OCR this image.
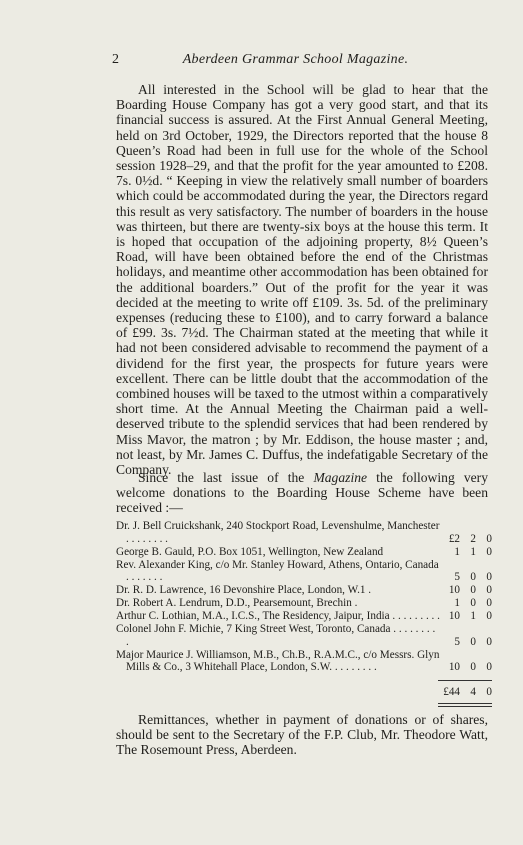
2	Aberdeen Grammar School Magazine.
All interested in the School will be glad to hear that the Boarding House Company has got a very good start, and that its financial success is assured. At the First Annual General Meeting, held on 3rd October, 1929, the Directors reported that the house 8 Queen’s Road had been in full use for the whole of the School session 1928–29, and that the profit for the year amounted to £208. 7s. 0½d. “ Keeping in view the relatively small number of boarders which could be accommodated during the year, the Directors regard this result as very satisfactory. The number of boarders in the house was thirteen, but there are twenty-six boys at the house this term. It is hoped that occupation of the adjoining property, 8½ Queen’s Road, will have been obtained before the end of the Christmas holidays, and meantime other accommodation has been obtained for the additional boarders.” Out of the profit for the year it was decided at the meeting to write off £109. 3s. 5d. of the preliminary expenses (reducing these to £100), and to carry forward a balance of £99. 3s. 7½d. The Chairman stated at the meeting that while it had not been considered advisable to recommend the payment of a dividend for the first year, the prospects for future years were excellent. There can be little doubt that the accommodation of the combined houses will be taxed to the utmost within a comparatively short time. At the Annual Meeting the Chairman paid a well-deserved tribute to the splendid services that had been rendered by Miss Mavor, the matron ; by Mr. Eddison, the house master ; and, not least, by Mr. James C. Duffus, the indefatigable Secretary of the Company.
Since the last issue of the Magazine the following very welcome donations to the Boarding House Scheme have been received :—
Dr. J. Bell Cruickshank, 240 Stockport Road, Levenshulme, Manchester . . . . . . . .	£2 2 0
George B. Gauld, P.O. Box 1051, Wellington, New Zealand	1 1 0
Rev. Alexander King, c/o Mr. Stanley Howard, Athens, Ontario, Canada . . . . . . .	5 0 0
Dr. R. D. Lawrence, 16 Devonshire Place, London, W.1 .	10 0 0
Dr. Robert A. Lendrum, D.D., Pearsemount, Brechin .	1 0 0
Arthur C. Lothian, M.A., I.C.S., The Residency, Jaipur, India . . . . . . . . . 10 1 0
Colonel John F. Michie, 7 King Street West, Toronto, Canada . . . . . . . . .	5 0 0
Major Maurice J. Williamson, M.B., Ch.B., R.A.M.C., c/o Messrs. Glyn Mills & Co., 3 Whitehall Place, London, S.W. . . . . . . . .	10 0 0
£44 4 0
Remittances, whether in payment of donations or of shares, should be sent to the Secretary of the F.P. Club, Mr. Theodore Watt, The Rosemount Press, Aberdeen.
